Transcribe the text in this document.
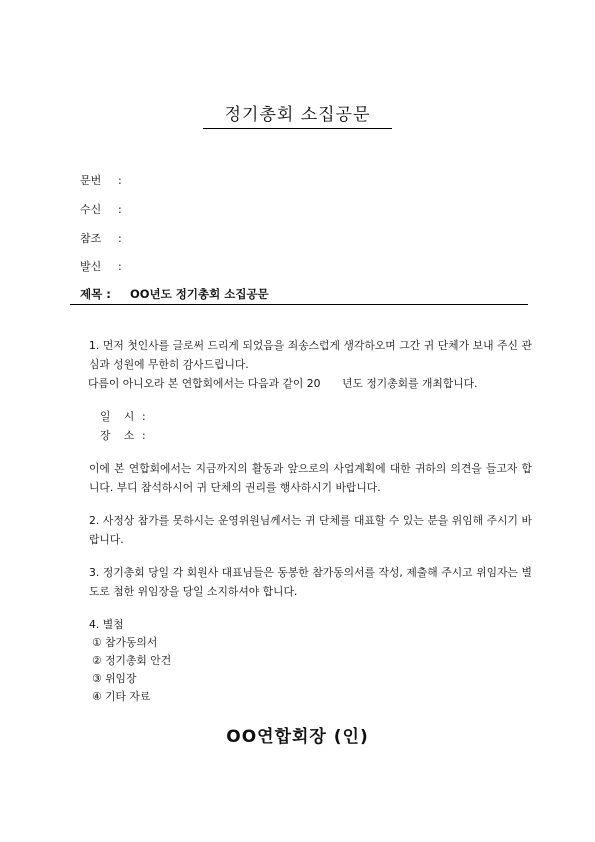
정기총회 소집공문
문번 :
수신 :
참조 :
발신 :
제목 : OO년도 정기총회 소집공문
1. 먼저 첫인사를 글로써 드리게 되었음을 죄송스럽게 생각하오며 그간 귀 단체가 보내 주신 관심과 성원에 무한히 감사드립니다.
다름이 아니오라 본 연합회에서는 다음과 같이 20　　년도 정기총회를 개최합니다.
일 시 :
장 소 :
이에 본 연합회에서는 지금까지의 활동과 앞으로의 사업계획에 대한 귀하의 의견을 들고자 합니다. 부디 참석하시어 귀 단체의 권리를 행사하시기 바랍니다.
2. 사정상 참가를 못하시는 운영위원님께서는 귀 단체를 대표할 수 있는 분을 위임해 주시기 바랍니다.
3. 정기총회 당일 각 회원사 대표님들은 동봉한 참가동의서를 작성, 제출해 주시고 위임자는 별도로 첨한 위임장을 당일 소지하셔야 합니다.
4. 별첨
① 참가동의서
② 정기총회 안건
③ 위임장
④ 기타 자료
OO연합회장 (인)
